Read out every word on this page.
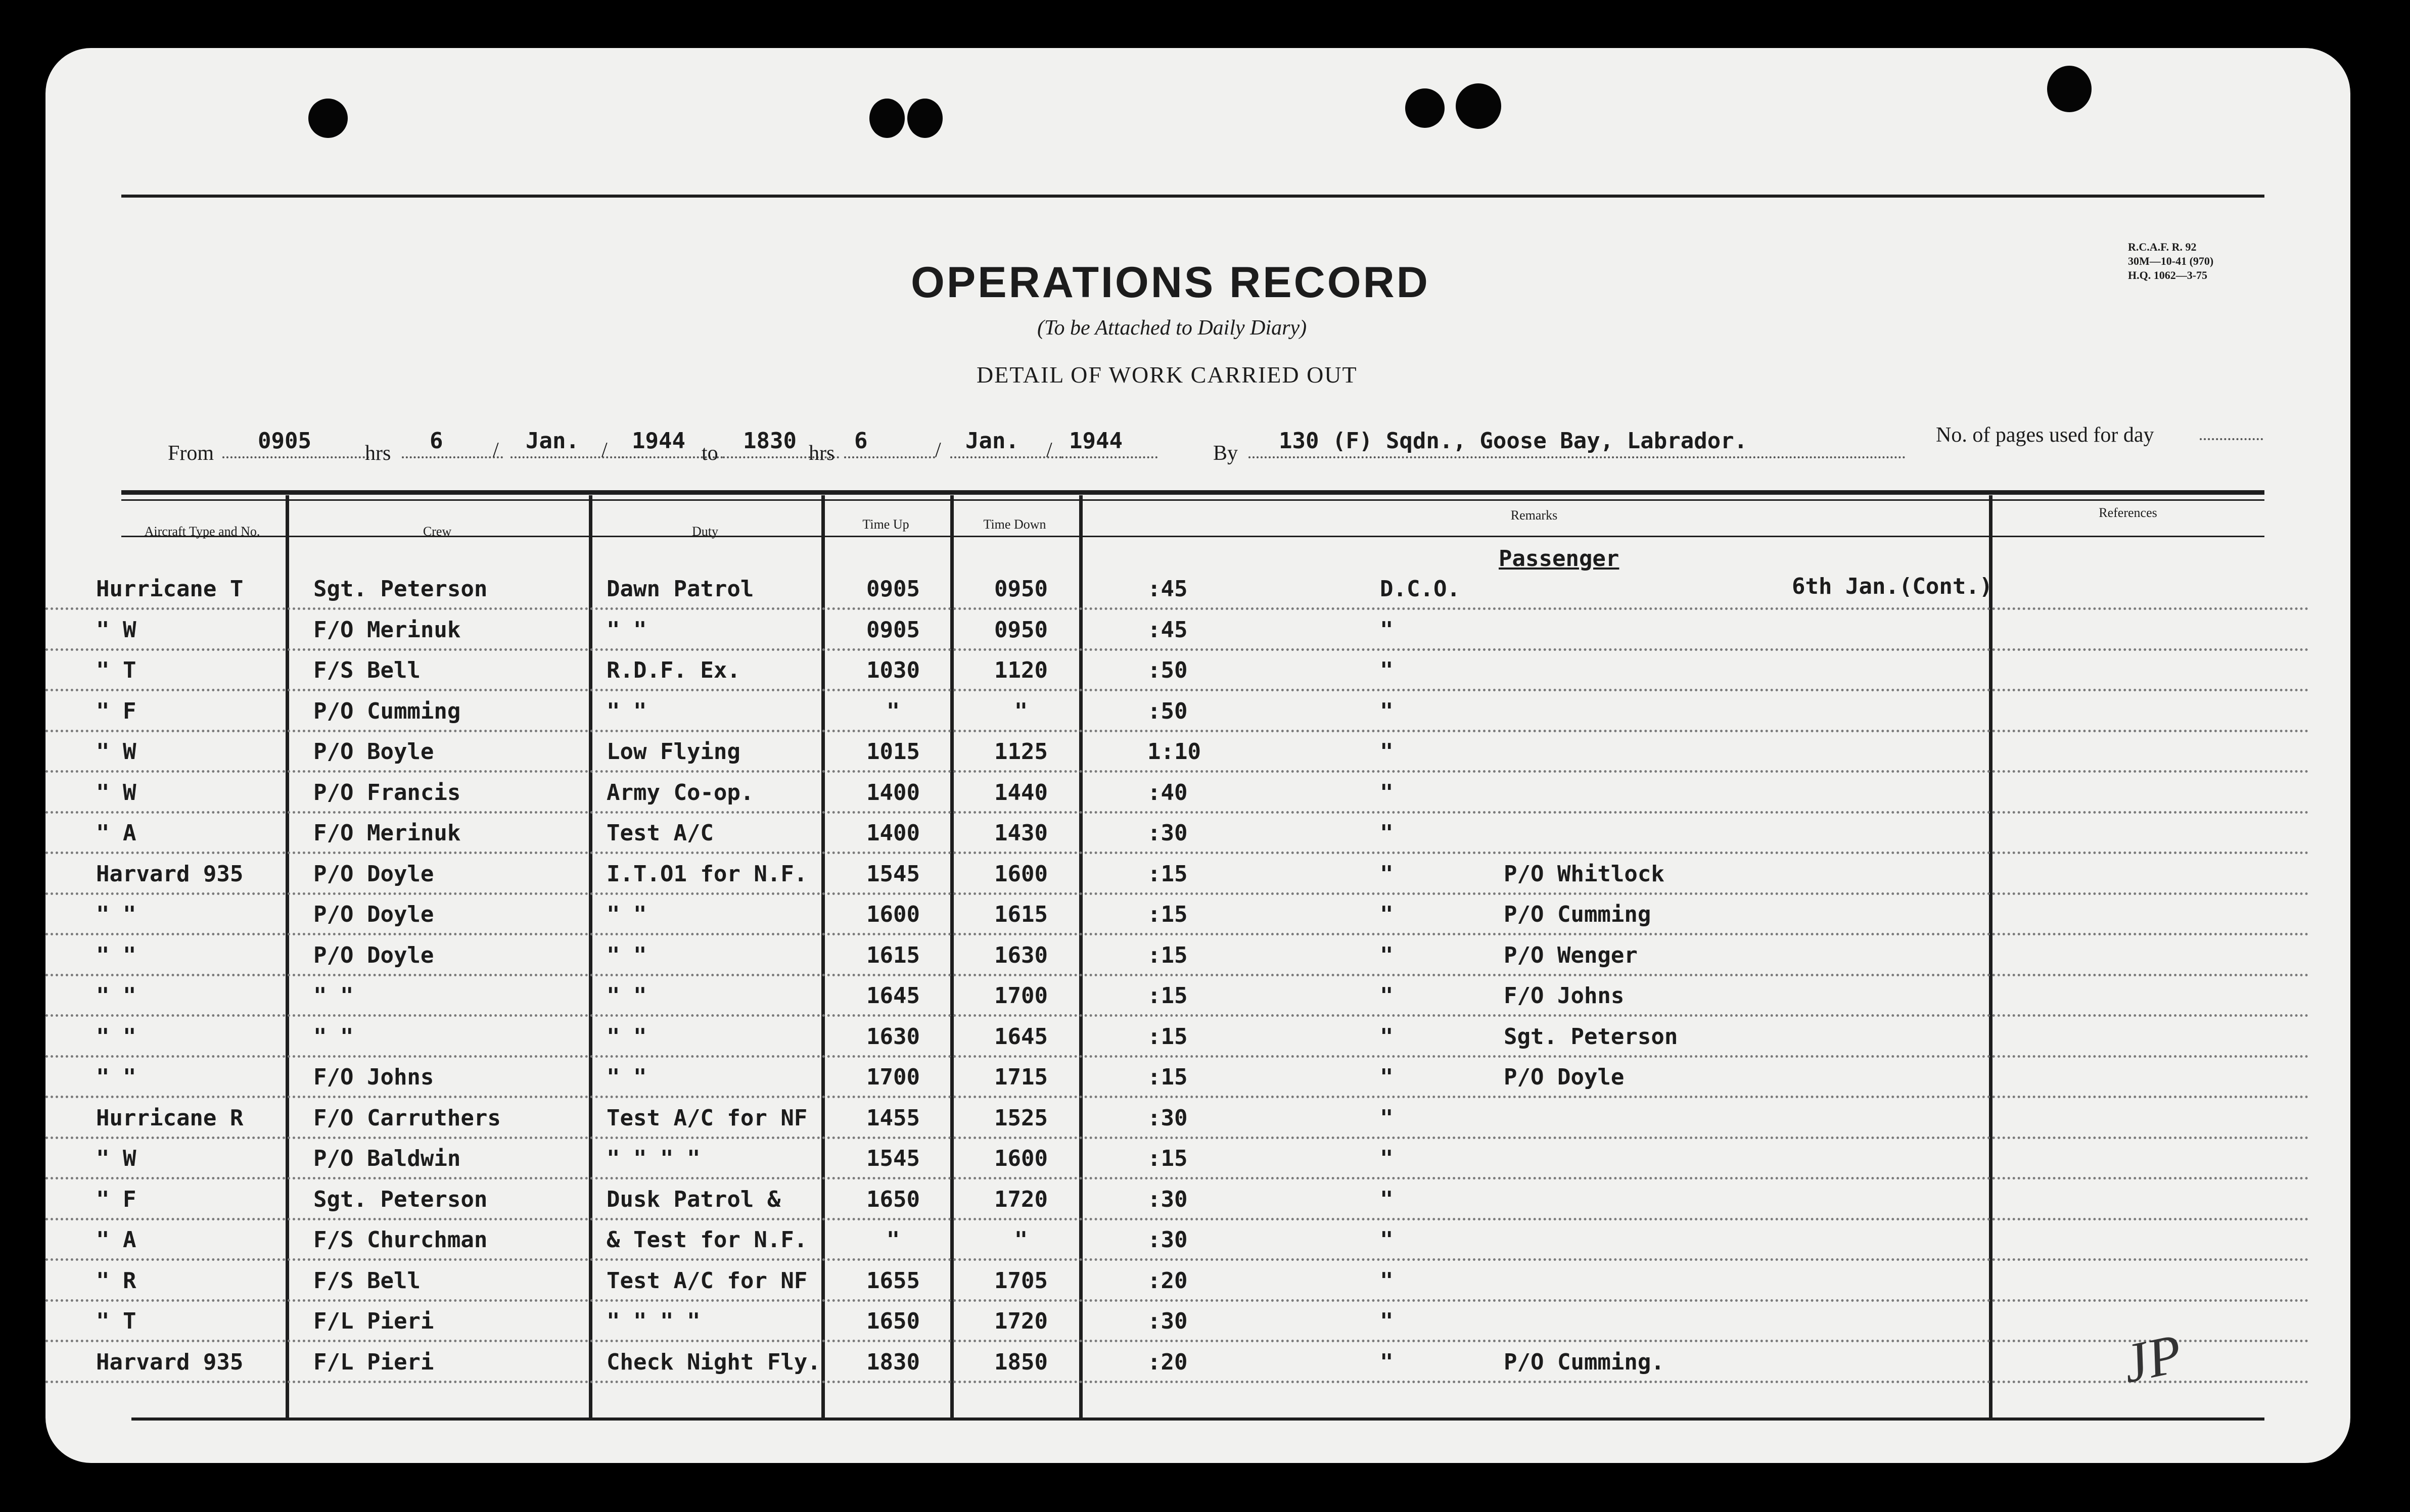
R.C.A.F. R. 92
30M—10-41 (970)
H.Q. 1062—3-75
OPERATIONS RECORD
(To be Attached to Daily Diary)
DETAIL OF WORK CARRIED OUT
From 0905	hrs 6 / Jan. / 1944 to 1830 hrs 6	/ Jan. / 1944	By 130 (F) Sqdn., Goose Bay, Labrador.	No. of pages used for day
Aircraft Type and No.	Crew	Duty	Time Up	Time Down
Remarks	References
Passenger
6th Jan.(Cont.)
Hurricane T	Sgt. Peterson	Dawn Patrol	0905	0950	:45	D.C.O.
" W	F/O Merinuk	" "	0905	0950	:45	"
" T	F/S Bell	R.D.F. Ex.	1030	1120	:50	"
" F	P/O Cumming	" "	"	"	:50	"
" W	P/O Boyle	Low Flying	1015	1125	1:10	"
" W	P/O Francis	Army Co-op.	1400	1440	:40	"
" A	F/O Merinuk	Test A/C	1400	1430	:30	"
Harvard 935	P/O Doyle	I.T.O1 for N.F.	1545	1600	:15	"	P/O Whitlock
" "	P/O Doyle	" "	1600	1615	:15	"	P/O Cumming
" "	P/O Doyle	" "	1615	1630	:15	"	P/O Wenger
" "	" "	" "	1645	1700	:15	"	F/O Johns
" "	" "	" "	1630	1645	:15	"	Sgt. Peterson
" "	F/O Johns	" "	1700	1715	:15	"	P/O Doyle
Hurricane R	F/O Carruthers	Test A/C for NF	1455	1525	:30	"
" W	P/O Baldwin	" " " "	1545	1600	:15	"
" F	Sgt. Peterson	Dusk Patrol &	1650	1720	:30	"
" A	F/S Churchman	& Test for N.F.	"	"	:30	"
" R	F/S Bell	Test A/C for NF	1655	1705	:20	"
" T	F/L Pieri	" " " "	1650	1720	:30	"
Harvard 935	F/L Pieri	Check Night Fly.	1830	1850	:20	"	P/O Cumming.	JP
